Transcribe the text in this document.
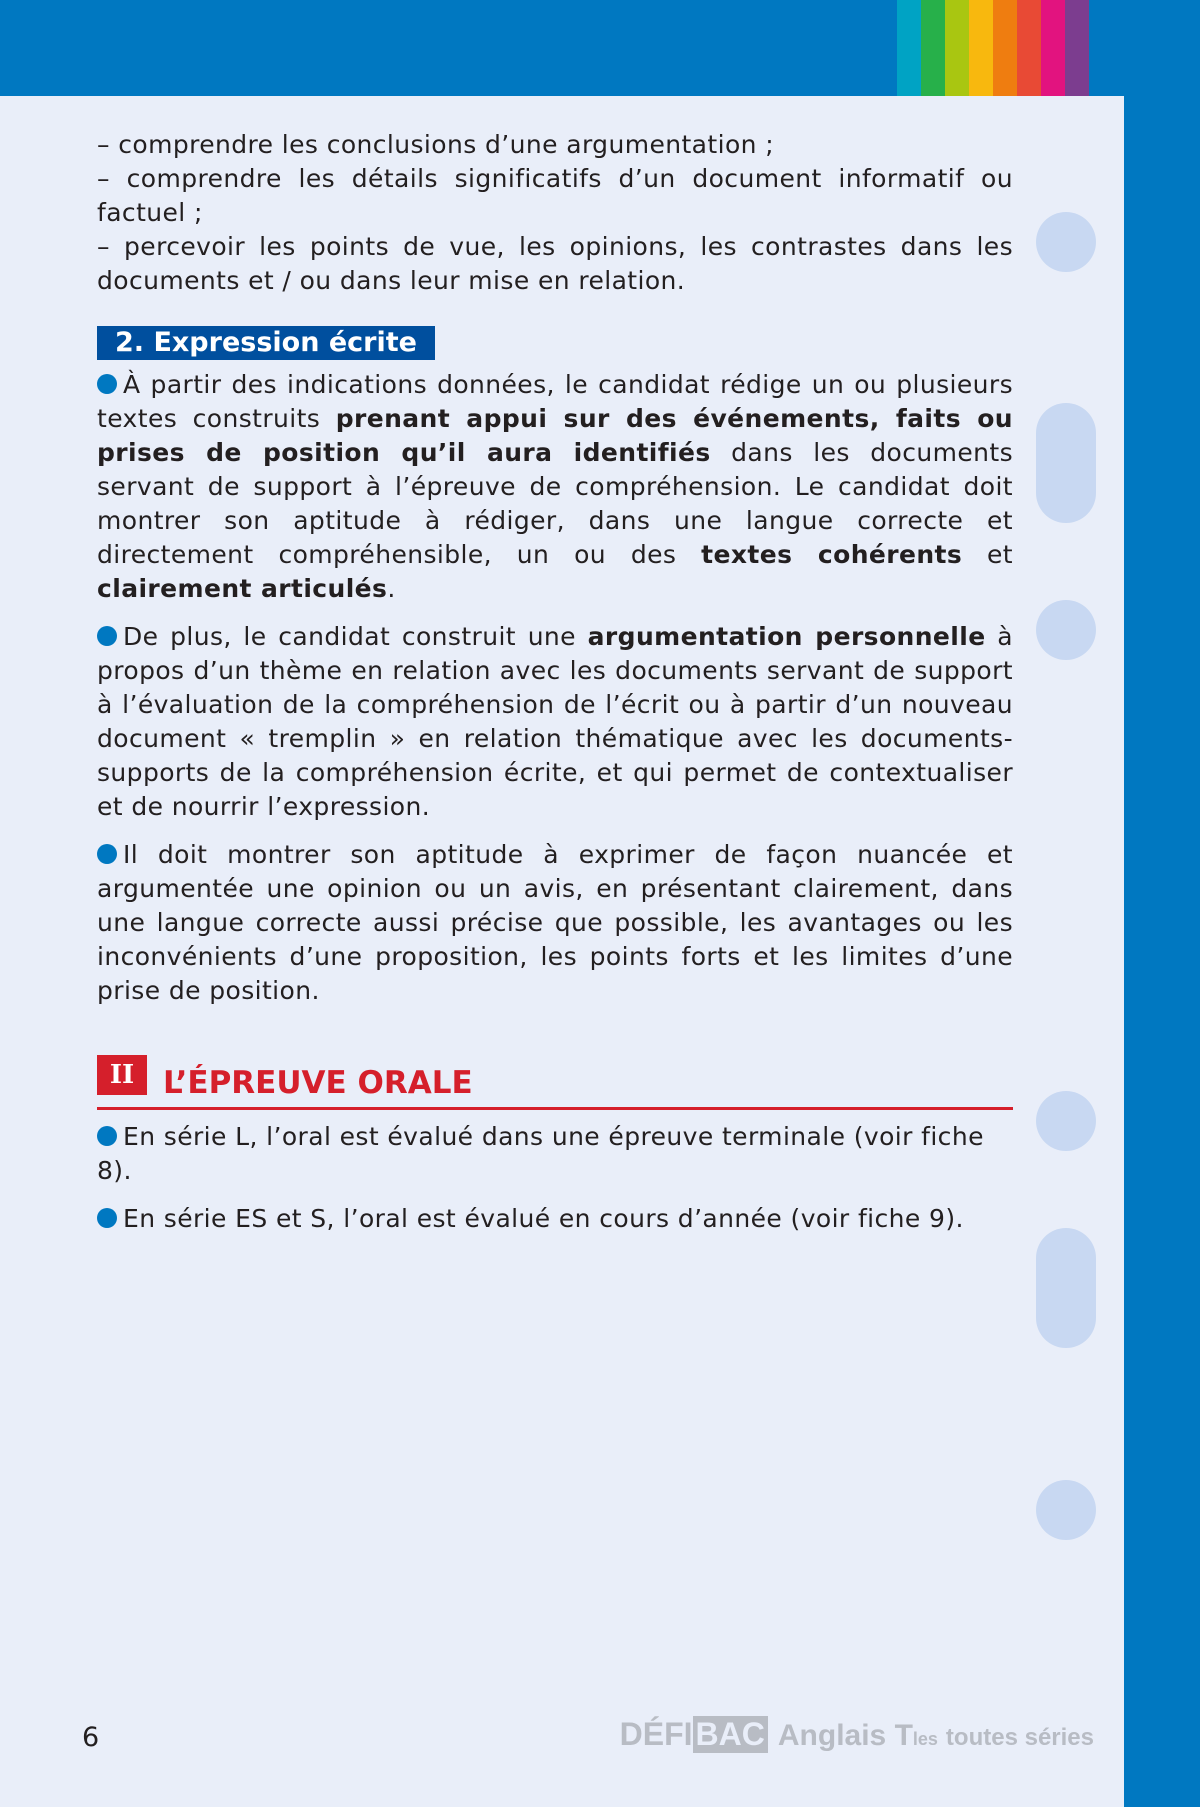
– comprendre les conclusions d’une argumentation ;

– comprendre les détails significatifs d’un document informatif ou factuel ;

– percevoir les points de vue, les opinions, les contrastes dans les documents et / ou dans leur mise en relation.

2. Expression écrite

À partir des indications données, le candidat rédige un ou plusieurs textes construits prenant appui sur des événements, faits ou prises de position qu’il aura identifiés dans les documents servant de support à l’épreuve de compréhension. Le candidat doit montrer son aptitude à rédiger, dans une langue correcte et directement compréhensible, un ou des textes cohérents et clairement articulés.

De plus, le candidat construit une argumentation personnelle à propos d’un thème en relation avec les documents servant de support à l’évaluation de la compréhension de l’écrit ou à partir d’un nouveau document « tremplin » en relation thématique avec les documents-supports de la compréhension écrite, et qui permet de contextualiser et de nourrir l’expression.

Il doit montrer son aptitude à exprimer de façon nuancée et argumentée une opinion ou un avis, en présentant clairement, dans une langue correcte aussi précise que possible, les avantages ou les inconvénients d’une proposition, les points forts et les limites d’une prise de position.

II L’ÉPREUVE ORALE

En série L, l’oral est évalué dans une épreuve terminale (voir fiche 8).

En série ES et S, l’oral est évalué en cours d’année (voir fiche 9).

6	DÉFI BAC Anglais T les toutes séries
